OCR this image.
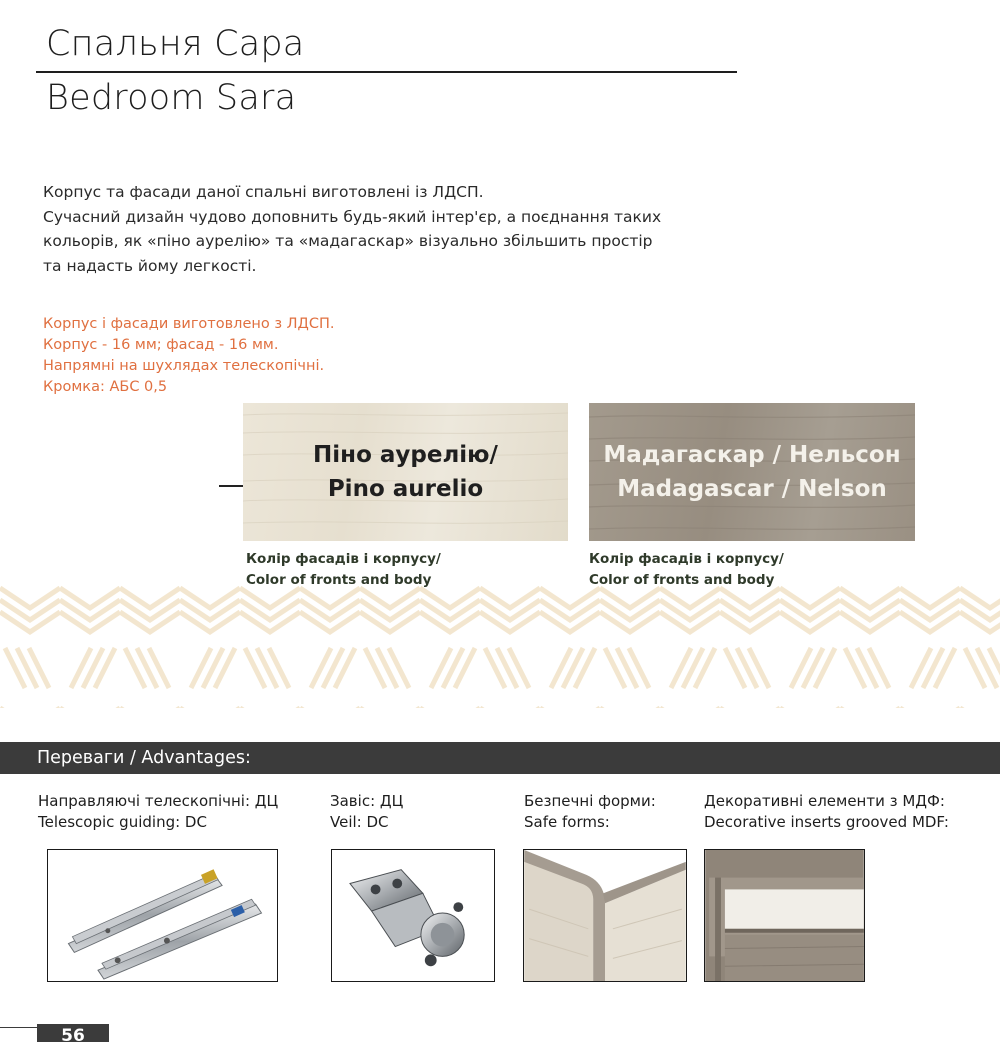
Спальня Сара
Bedroom Sara
Корпус та фасади даної спальні виготовлені із ЛДСП.
Сучасний дизайн чудово доповнить будь-який інтер'єр, а поєднання таких
кольорів, як «піно аурелію» та «мадагаскар» візуально збільшить простір
та надасть йому легкості.
Корпус і фасади виготовлено з ЛДСП.
Корпус - 16 мм; фасад - 16 мм.
Напрямні на шухлядах телескопічні.
Кромка: АБС 0,5
Піно аурелію/
Pino aurelio
Мадагаскар / Нельсон
Madagascar / Nelson
Колір фасадів і корпусу/
Color of fronts and body
Колір фасадів і корпусу/
Color of fronts and body
Переваги / Advantages:
Направляючі телескопічні: ДЦ
Telescopic guiding: DC
Завіс: ДЦ
Veil: DC
Безпечні форми:
Safe forms:
Декоративні елементи з МДФ:
Decorative inserts grooved MDF:
56
